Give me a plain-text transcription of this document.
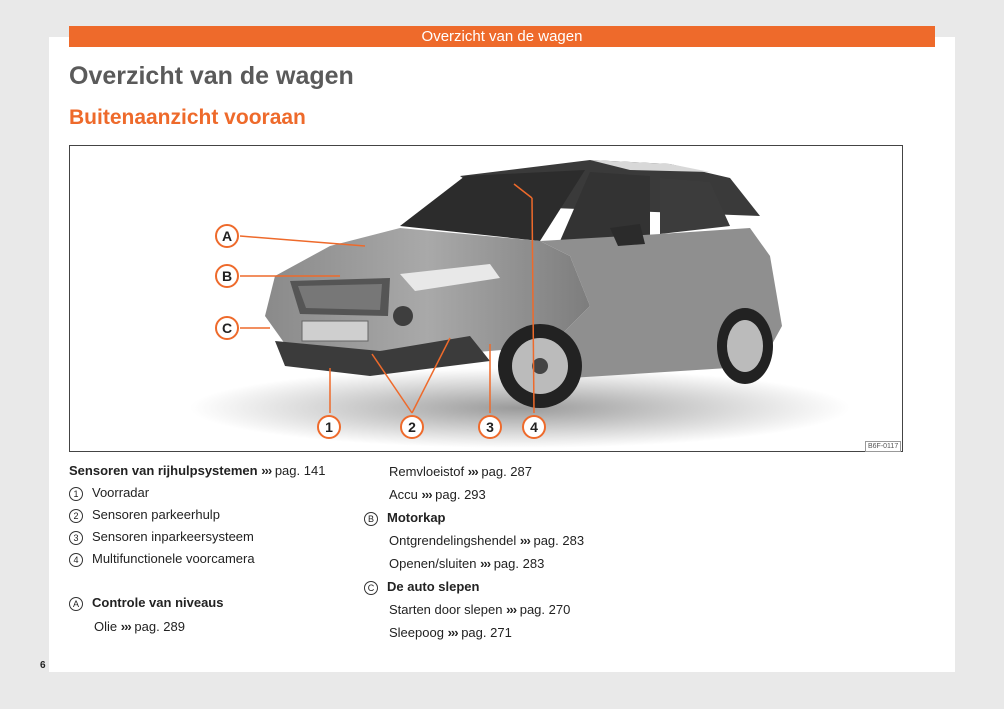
Overzicht van de wagen
Overzicht van de wagen
Buitenaanzicht vooraan
A
B
C
1	2	3	4
B6F-0117
Sensoren van rijhulpsystemen ››› pag. 141
1 Voorradar
2 Sensoren parkeerhulp
3 Sensoren inparkeersysteem
4 Multifunctionele voorcamera
A Controle van niveaus
Olie ››› pag. 289
Remvloeistof ››› pag. 287
Accu ››› pag. 293
B Motorkap
Ontgrendelingshendel ››› pag. 283
Openen/sluiten ››› pag. 283
C De auto slepen
Starten door slepen ››› pag. 270
Sleepoog ››› pag. 271
6
